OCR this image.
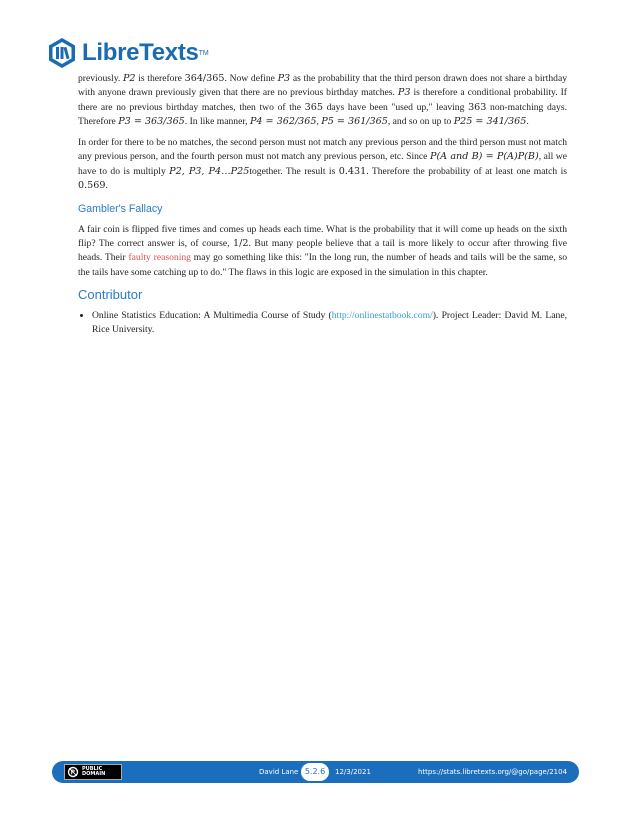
LibreTexts TM

previously. P2 is therefore 364/365. Now define P3 as the probability that the third person drawn does not share a birthday with anyone drawn previously given that there are no previous birthday matches. P3 is therefore a conditional probability. If there are no previous birthday matches, then two of the 365 days have been "used up," leaving 363 non-matching days. Therefore P3 = 363/365. In like manner, P4 = 362/365, P5 = 361/365, and so on up to P25 = 341/365.

In order for there to be no matches, the second person must not match any previous person and the third person must not match any previous person, and the fourth person must not match any previous person, etc. Since P(A and B) = P(A)P(B), all we have to do is multiply P2, P3, P4…P25together. The result is 0.431. Therefore the probability of at least one match is 0.569.

Gambler's Fallacy

A fair coin is flipped five times and comes up heads each time. What is the probability that it will come up heads on the sixth flip? The correct answer is, of course, 1/2. But many people believe that a tail is more likely to occur after throwing five heads. Their faulty reasoning may go something like this: "In the long run, the number of heads and tails will be the same, so the tails have some catching up to do." The flaws in this logic are exposed in the simulation in this chapter.

Contributor
• Online Statistics Education: A Multimedia Course of Study (http://onlinestatbook.com/). Project Leader: David M. Lane, Rice University.
PUBLIC
DOMAIN	David Lane 5.2.6	12/3/2021	https://stats.libretexts.org/@go/page/2104
